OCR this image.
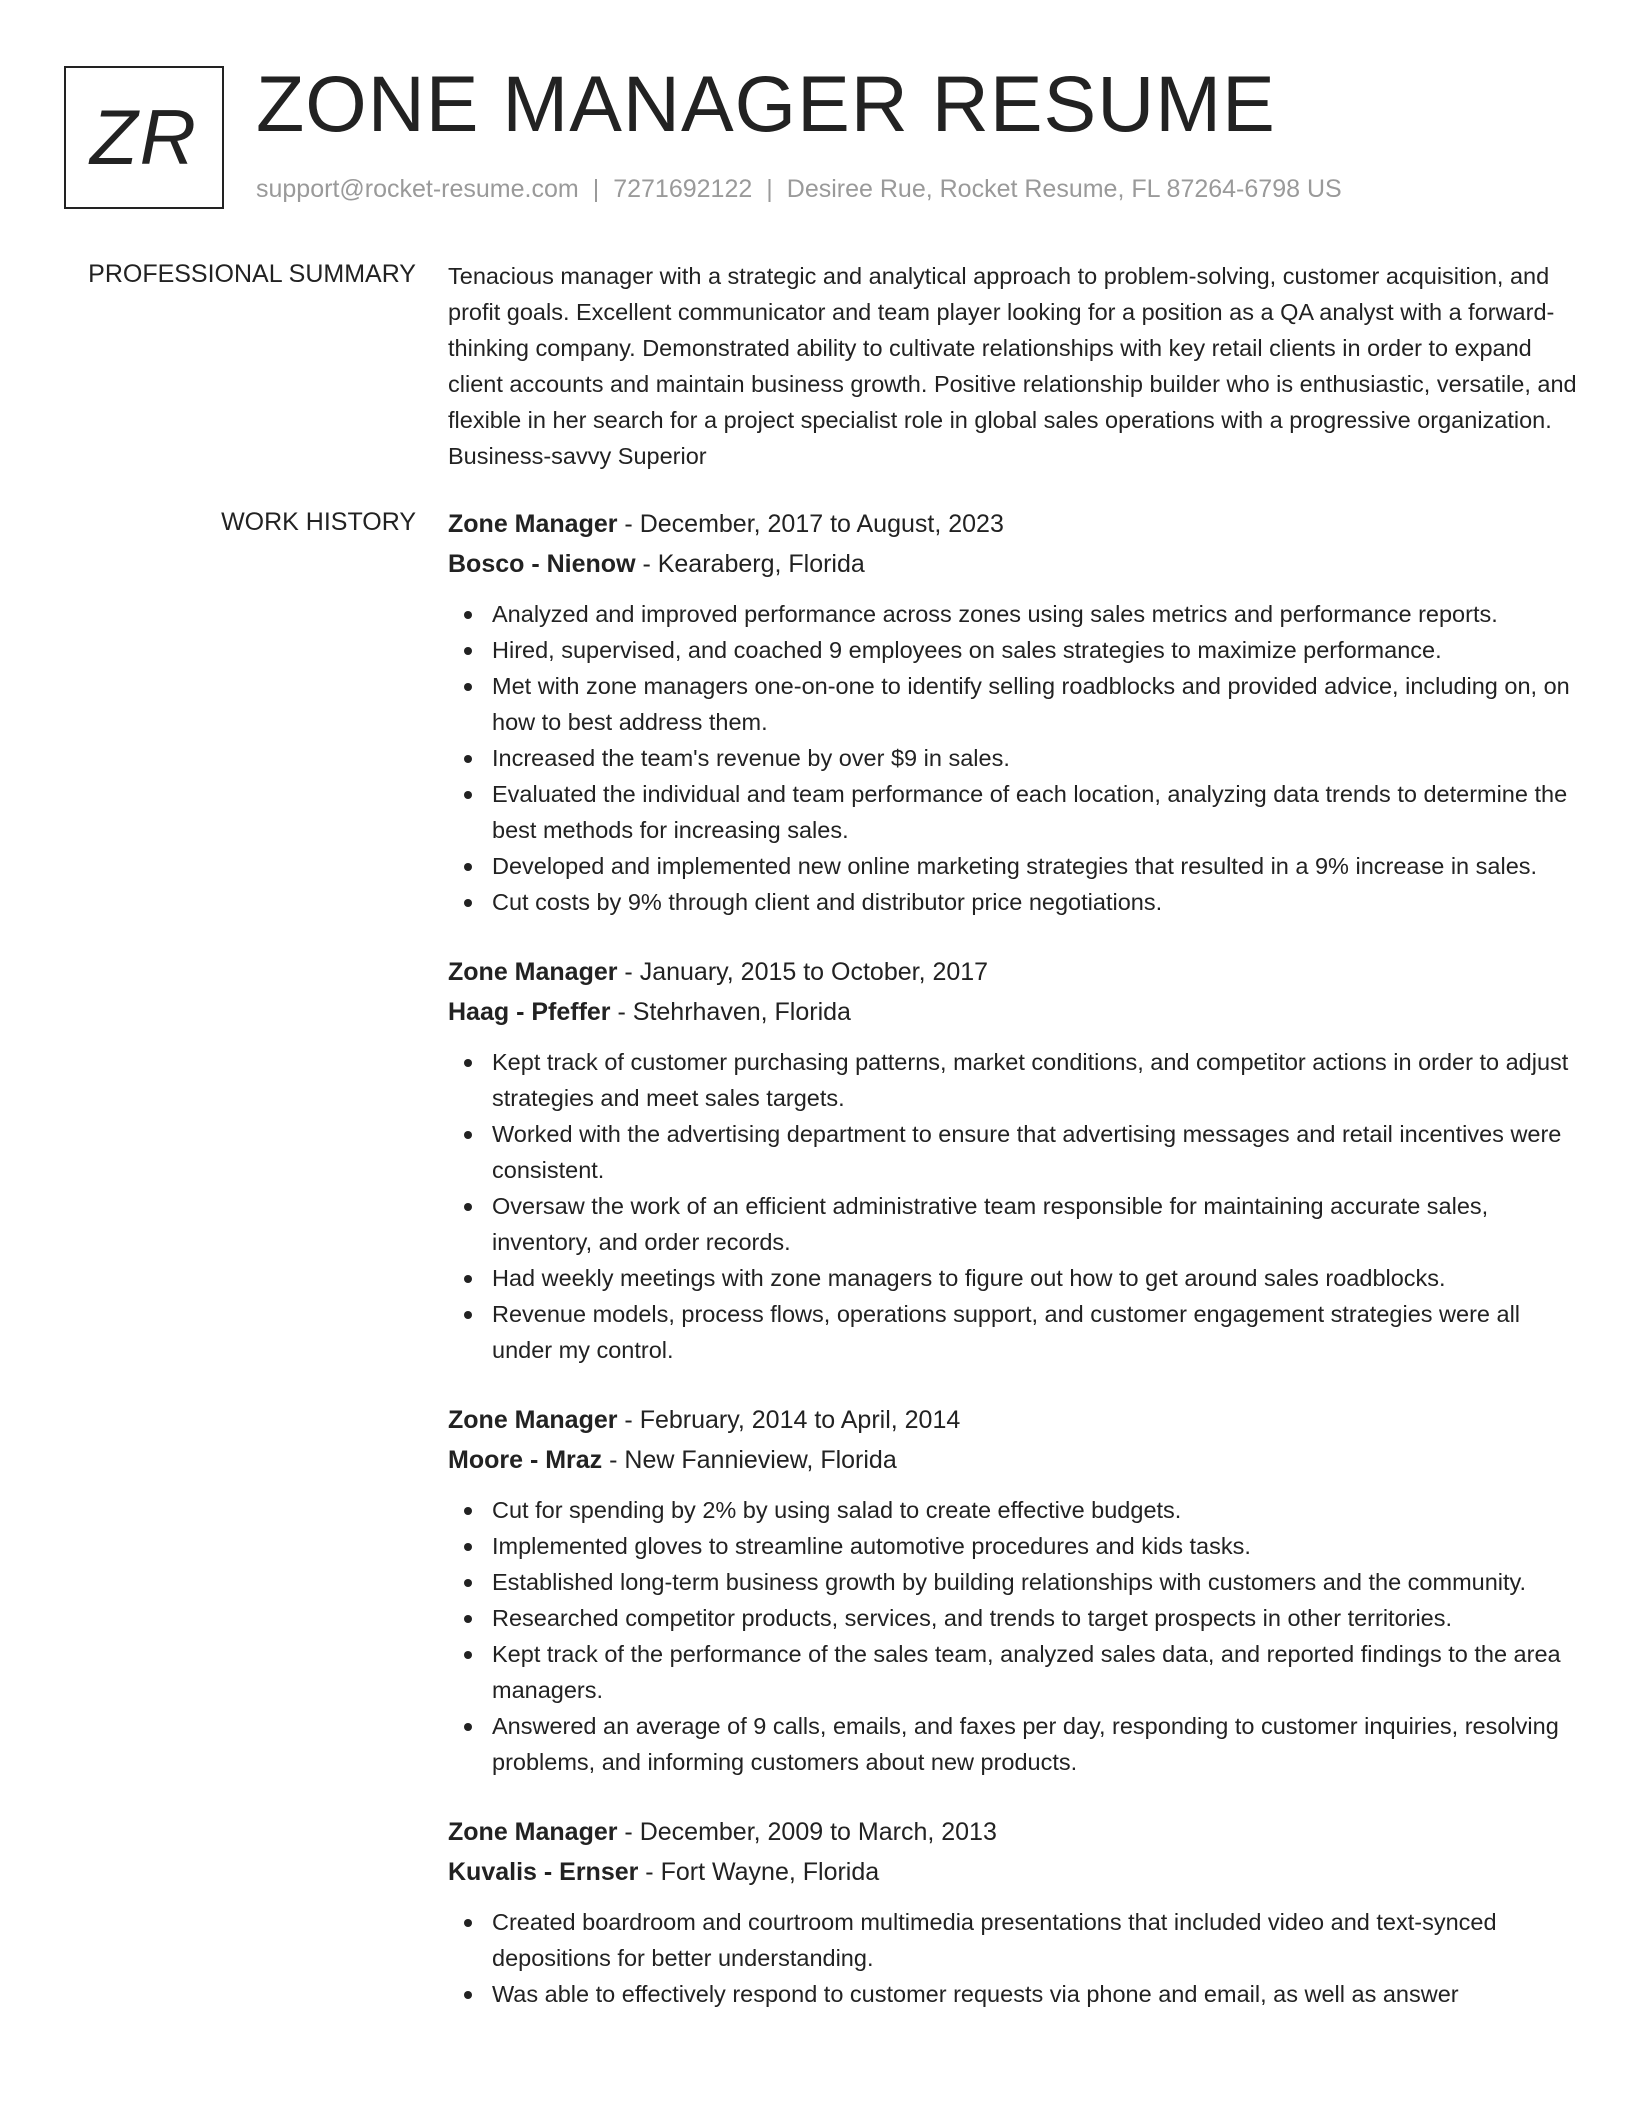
ZR ZONE MANAGER RESUME
support@rocket-resume.com | 7271692122 | Desiree Rue, Rocket Resume, FL 87264-6798 US
PROFESSIONAL SUMMARY Tenacious manager with a strategic and analytical approach to problem-solving, customer acquisition, and profit goals. Excellent communicator and team player looking for a position as a QA analyst with a forward-thinking company. Demonstrated ability to cultivate relationships with key retail clients in order to expand client accounts and maintain business growth. Positive relationship builder who is enthusiastic, versatile, and flexible in her search for a project specialist role in global sales operations with a progressive organization. Business-savvy Superior

WORK HISTORY Zone Manager - December, 2017 to August, 2023
Bosco - Nienow - Kearaberg, Florida
Analyzed and improved performance across zones using sales metrics and performance reports.
Hired, supervised, and coached 9 employees on sales strategies to maximize performance.
Met with zone managers one-on-one to identify selling roadblocks and provided advice, including on, on how to best address them.
Increased the team's revenue by over $9 in sales.
Evaluated the individual and team performance of each location, analyzing data trends to determine the best methods for increasing sales.
Developed and implemented new online marketing strategies that resulted in a 9% increase in sales.
Cut costs by 9% through client and distributor price negotiations.
Zone Manager - January, 2015 to October, 2017
Haag - Pfeffer - Stehrhaven, Florida
Kept track of customer purchasing patterns, market conditions, and competitor actions in order to adjust strategies and meet sales targets.
Worked with the advertising department to ensure that advertising messages and retail incentives were consistent.
Oversaw the work of an efficient administrative team responsible for maintaining accurate sales, inventory, and order records.
Had weekly meetings with zone managers to figure out how to get around sales roadblocks.
Revenue models, process flows, operations support, and customer engagement strategies were all under my control.
Zone Manager - February, 2014 to April, 2014
Moore - Mraz - New Fannieview, Florida
Cut for spending by 2% by using salad to create effective budgets.
Implemented gloves to streamline automotive procedures and kids tasks.
Established long-term business growth by building relationships with customers and the community.
Researched competitor products, services, and trends to target prospects in other territories.
Kept track of the performance of the sales team, analyzed sales data, and reported findings to the area managers.
Answered an average of 9 calls, emails, and faxes per day, responding to customer inquiries, resolving problems, and informing customers about new products.
Zone Manager - December, 2009 to March, 2013
Kuvalis - Ernser - Fort Wayne, Florida
Created boardroom and courtroom multimedia presentations that included video and text-synced depositions for better understanding.
Was able to effectively respond to customer requests via phone and email, as well as answer
